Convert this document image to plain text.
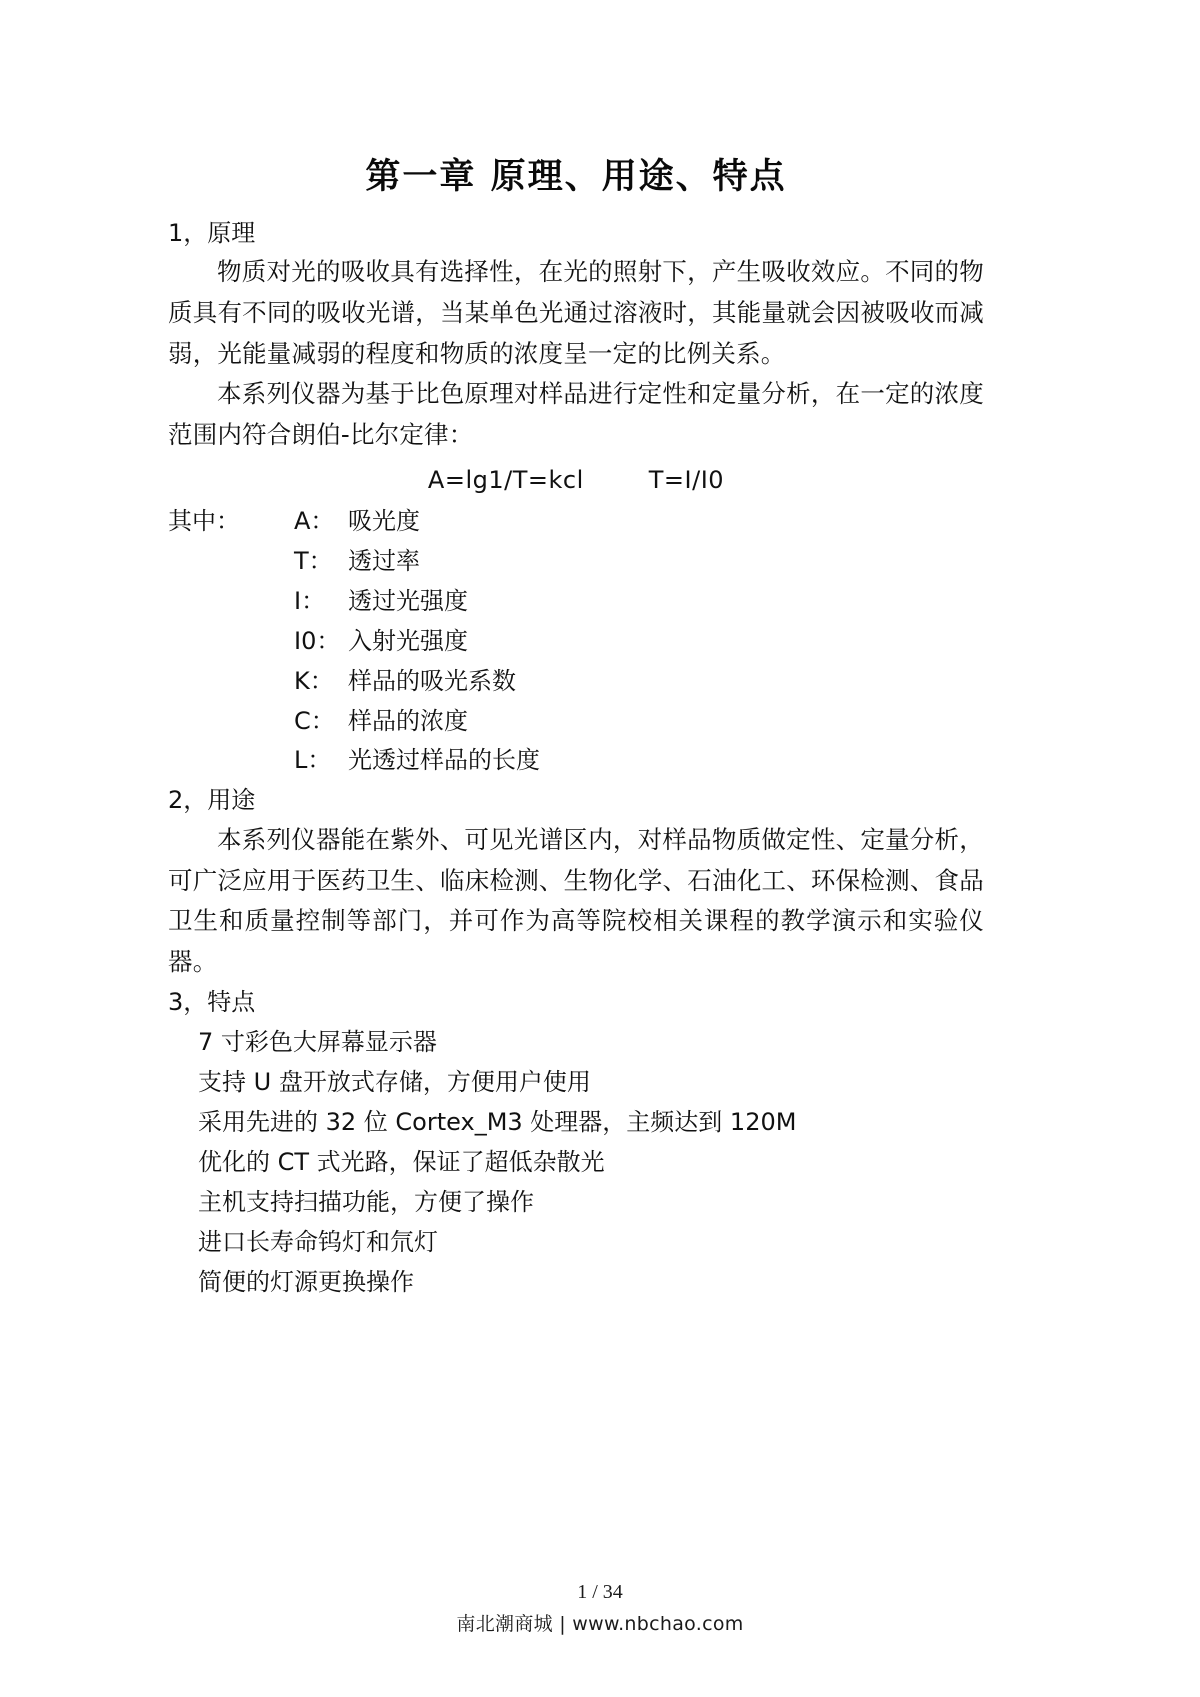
第一章 原理、用途、特点

1，原理

物质对光的吸收具有选择性，在光的照射下，产生吸收效应。不同的物质具有不同的吸收光谱，当某单色光通过溶液时，其能量就会因被吸收而减弱，光能量减弱的程度和物质的浓度呈一定的比例关系。

本系列仪器为基于比色原理对样品进行定性和定量分析，在一定的浓度范围内符合朗伯-比尔定律：

A=lg1/T=kcl        T=I/I0

其中：	A： 吸光度
T： 透过率
I： 透过光强度
I0： 入射光强度
K： 样品的吸光系数
C： 样品的浓度
L： 光透过样品的长度

2，用途

本系列仪器能在紫外、可见光谱区内，对样品物质做定性、定量分析，可广泛应用于医药卫生、临床检测、生物化学、石油化工、环保检测、食品卫生和质量控制等部门，并可作为高等院校相关课程的教学演示和实验仪器。

3，特点

7 寸彩色大屏幕显示器
支持 U 盘开放式存储，方便用户使用
采用先进的 32 位 Cortex_M3 处理器，主频达到 120M
优化的 CT 式光路，保证了超低杂散光
主机支持扫描功能，方便了操作
进口长寿命钨灯和氘灯
简便的灯源更换操作

1 / 34

南北潮商城 | www.nbchao.com
